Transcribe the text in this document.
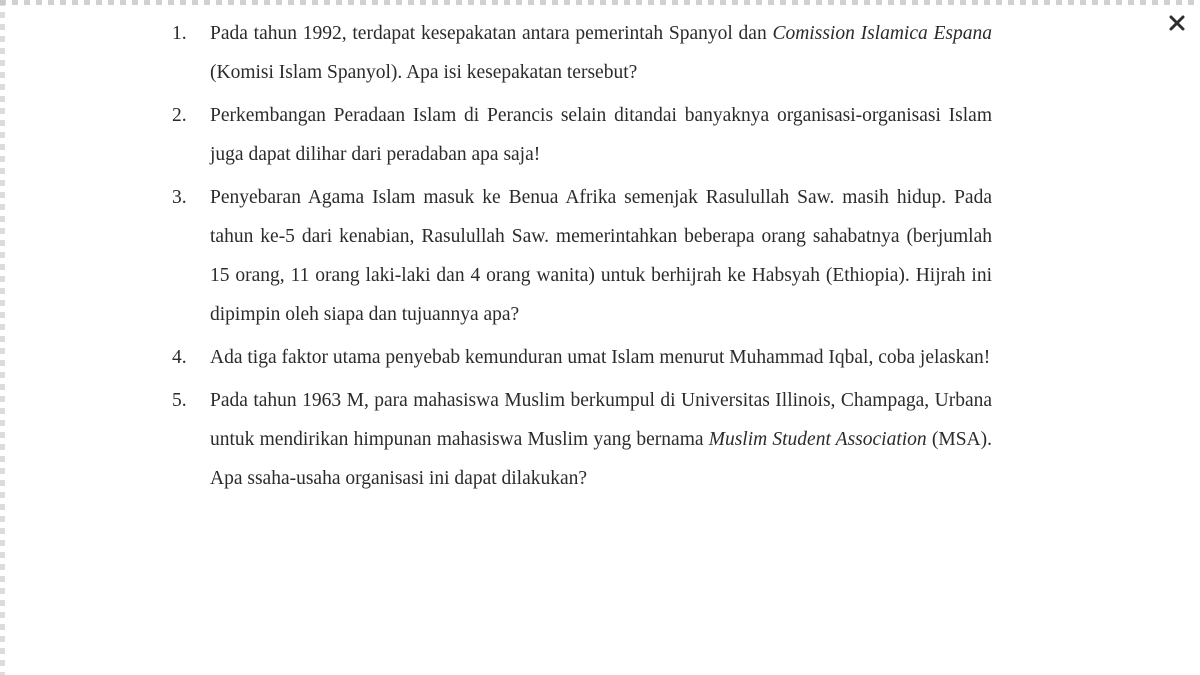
1.	Pada tahun 1992, terdapat kesepakatan antara pemerintah Spanyol dan Comission Islamica Espana (Komisi Islam Spanyol). Apa isi kesepakatan tersebut?
2.	Perkembangan Peradaan Islam di Perancis selain ditandai banyaknya organisasi-organisasi Islam juga dapat dilihar dari peradaban apa saja!
3.	Penyebaran Agama Islam masuk ke Benua Afrika semenjak Rasulullah Saw. masih hidup. Pada tahun ke-5 dari kenabian, Rasulullah Saw. memerintahkan beberapa orang sahabatnya (berjumlah 15 orang, 11 orang laki-laki dan 4 orang wanita) untuk berhijrah ke Habsyah (Ethiopia). Hijrah ini dipimpin oleh siapa dan tujuannya apa?
4.	Ada tiga faktor utama penyebab kemunduran umat Islam menurut Muhammad Iqbal, coba jelaskan!
5.	Pada tahun 1963 M, para mahasiswa Muslim berkumpul di Universitas Illinois, Champaga, Urbana untuk mendirikan himpunan mahasiswa Muslim yang bernama Muslim Student Association (MSA). Apa ssaha-usaha organisasi ini dapat dilakukan?
